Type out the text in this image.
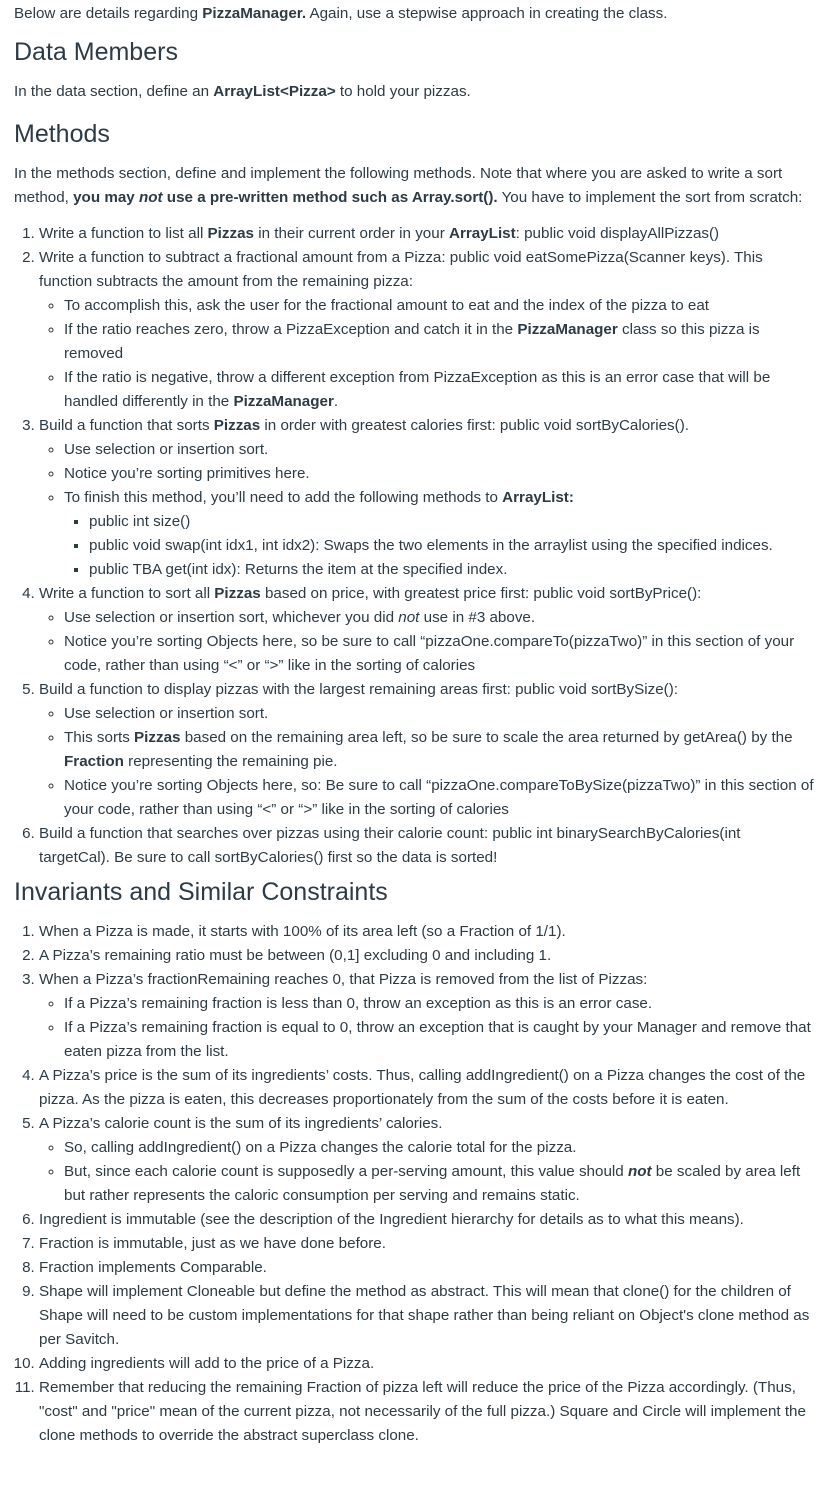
Below are details regarding PizzaManager. Again, use a stepwise approach in creating the class.

Data Members

In the data section, define an ArrayList<Pizza> to hold your pizzas.

Methods

In the methods section, define and implement the following methods. Note that where you are asked to write a sort method, you may not use a pre-written method such as Array.sort(). You have to implement the sort from scratch:

1. Write a function to list all Pizzas in their current order in your ArrayList: public void displayAllPizzas()
2. Write a function to subtract a fractional amount from a Pizza: public void eatSomePizza(Scanner keys). This function subtracts the amount from the remaining pizza:
◦ To accomplish this, ask the user for the fractional amount to eat and the index of the pizza to eat
◦ If the ratio reaches zero, throw a PizzaException and catch it in the PizzaManager class so this pizza is removed
◦ If the ratio is negative, throw a different exception from PizzaException as this is an error case that will be handled differently in the PizzaManager.
3. Build a function that sorts Pizzas in order with greatest calories first: public void sortByCalories().
◦ Use selection or insertion sort.
◦ Notice you’re sorting primitives here.
◦ To finish this method, you’ll need to add the following methods to ArrayList:
▪ public int size()
▪ public void swap(int idx1, int idx2): Swaps the two elements in the arraylist using the specified indices.
▪ public TBA get(int idx): Returns the item at the specified index.
4. Write a function to sort all Pizzas based on price, with greatest price first: public void sortByPrice():
◦ Use selection or insertion sort, whichever you did not use in #3 above.
◦ Notice you’re sorting Objects here, so be sure to call “pizzaOne.compareTo(pizzaTwo)” in this section of your code, rather than using “<” or “>” like in the sorting of calories
5. Build a function to display pizzas with the largest remaining areas first: public void sortBySize():
◦ Use selection or insertion sort.
◦ This sorts Pizzas based on the remaining area left, so be sure to scale the area returned by getArea() by the Fraction representing the remaining pie.
◦ Notice you’re sorting Objects here, so: Be sure to call “pizzaOne.compareToBySize(pizzaTwo)” in this section of your code, rather than using “<” or “>” like in the sorting of calories
6. Build a function that searches over pizzas using their calorie count: public int binarySearchByCalories(int targetCal). Be sure to call sortByCalories() first so the data is sorted!
Invariants and Similar Constraints
1. When a Pizza is made, it starts with 100% of its area left (so a Fraction of 1/1).
2. A Pizza’s remaining ratio must be between (0,1] excluding 0 and including 1.
3. When a Pizza’s fractionRemaining reaches 0, that Pizza is removed from the list of Pizzas:
◦ If a Pizza’s remaining fraction is less than 0, throw an exception as this is an error case.
◦ If a Pizza’s remaining fraction is equal to 0, throw an exception that is caught by your Manager and remove that eaten pizza from the list.
4. A Pizza’s price is the sum of its ingredients’ costs. Thus, calling addIngredient() on a Pizza changes the cost of the pizza. As the pizza is eaten, this decreases proportionately from the sum of the costs before it is eaten.
5. A Pizza’s calorie count is the sum of its ingredients’ calories.
◦ So, calling addIngredient() on a Pizza changes the calorie total for the pizza.
◦ But, since each calorie count is supposedly a per-serving amount, this value should not be scaled by area left but rather represents the caloric consumption per serving and remains static.
6. Ingredient is immutable (see the description of the Ingredient hierarchy for details as to what this means).
7. Fraction is immutable, just as we have done before.
8. Fraction implements Comparable.
9. Shape will implement Cloneable but define the method as abstract. This will mean that clone() for the children of Shape will need to be custom implementations for that shape rather than being reliant on Object's clone method as per Savitch.
10. Adding ingredients will add to the price of a Pizza.
11. Remember that reducing the remaining Fraction of pizza left will reduce the price of the Pizza accordingly. (Thus, "cost" and "price" mean of the current pizza, not necessarily of the full pizza.) Square and Circle will implement the clone methods to override the abstract superclass clone.
